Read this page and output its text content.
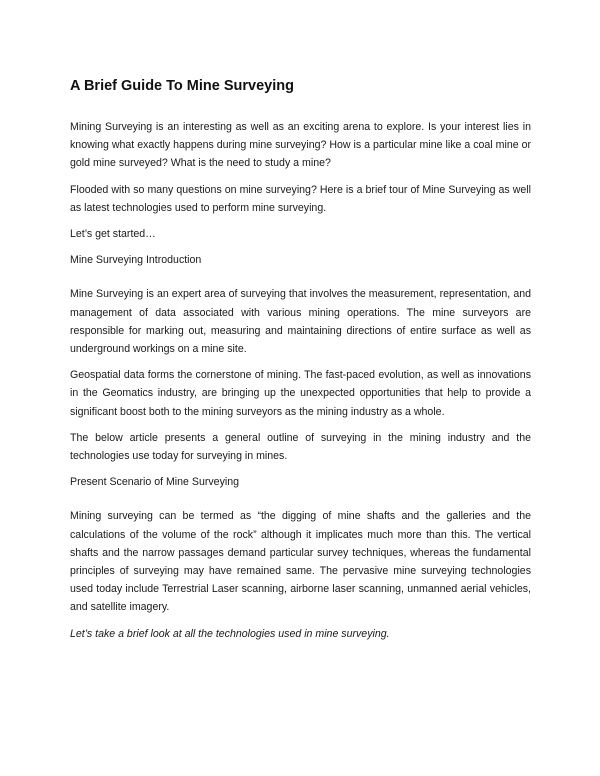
A Brief Guide To Mine Surveying

Mining Surveying is an interesting as well as an exciting arena to explore. Is your interest lies in knowing what exactly happens during mine surveying? How is a particular mine like a coal mine or gold mine surveyed? What is the need to study a mine?

Flooded with so many questions on mine surveying? Here is a brief tour of Mine Surveying as well as latest technologies used to perform mine surveying.

Let’s get started…

Mine Surveying Introduction

Mine Surveying is an expert area of surveying that involves the measurement, representation, and management of data associated with various mining operations. The mine surveyors are responsible for marking out, measuring and maintaining directions of entire surface as well as underground workings on a mine site.

Geospatial data forms the cornerstone of mining. The fast-paced evolution, as well as innovations in the Geomatics industry, are bringing up the unexpected opportunities that help to provide a significant boost both to the mining surveyors as the mining industry as a whole.

The below article presents a general outline of surveying in the mining industry and the technologies use today for surveying in mines.

Present Scenario of Mine Surveying

Mining surveying can be termed as “the digging of mine shafts and the galleries and the calculations of the volume of the rock” although it implicates much more than this. The vertical shafts and the narrow passages demand particular survey techniques, whereas the fundamental principles of surveying may have remained same. The pervasive mine surveying technologies used today include Terrestrial Laser scanning, airborne laser scanning, unmanned aerial vehicles, and satellite imagery.

Let’s take a brief look at all the technologies used in mine surveying.
